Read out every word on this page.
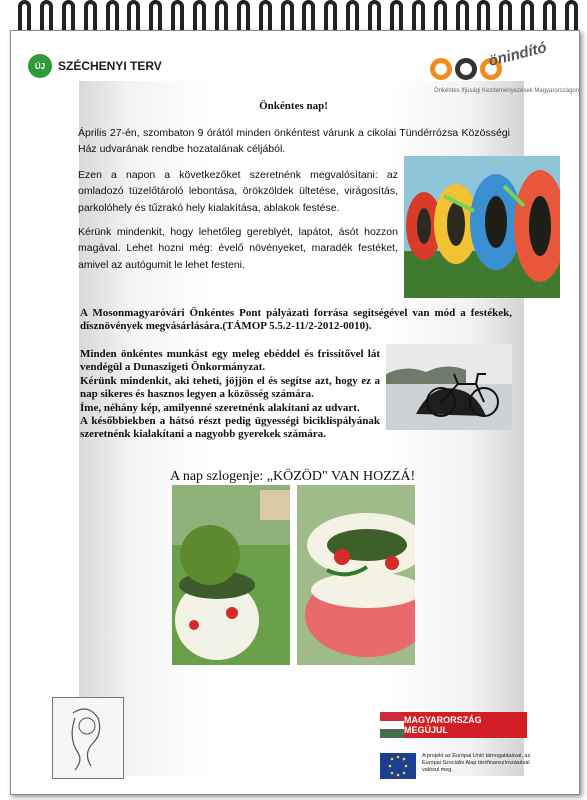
ÚJ	SZÉCHENYI TERV	önindító
Önkéntes Ifjúsági Kezdeményezések Magyarországon
Önkéntes nap!

Április 27-én, szombaton 9 órától minden önkéntest várunk a cikolai Tündérrózsa Közösségi Ház udvarának rendbe hozatalának céljából.

Ezen a napon a következőket szeretnénk megvalósítani: az omladozó tüzelőtároló lebontása, örökzöldek ültetése, virágosítás, parkolóhely és tűzrakó hely kialakítása, ablakok festése.

Kérünk mindenkit, hogy lehetőleg gereblyét, lapátot, ásót hozzon magával. Lehet hozni még: évelő növényeket, maradék festéket, amivel az autógumit le lehet festeni.

A Mosonmagyaróvári Önkéntes Pont pályázati forrása segítségével van mód a festékek, dísznövények megvásárlására.(TÁMOP 5.5.2-11/2-2012-0010).

Minden önkéntes munkást egy meleg ebéddel és frissítővel lát vendégül a Dunaszigeti Önkormányzat.

Kérünk mindenkit, aki teheti, jöjjön el és segítse azt, hogy ez a nap sikeres és hasznos legyen a közösség számára.

Íme, néhány kép, amilyenné szeretnénk alakítani az udvart.

A későbbiekben a hátsó részt pedig ügyességi biciklispályának szeretnénk kialakítani a nagyobb gyerekek számára.

A nap szlogenje: „KÖZÖD" VAN HOZZÁ!
MAGYARORSZÁG MEGÚJUL

A projekt az Európai Unió támogatásával, az Európai Szociális Alap társfinanszírozásával valósul meg.
